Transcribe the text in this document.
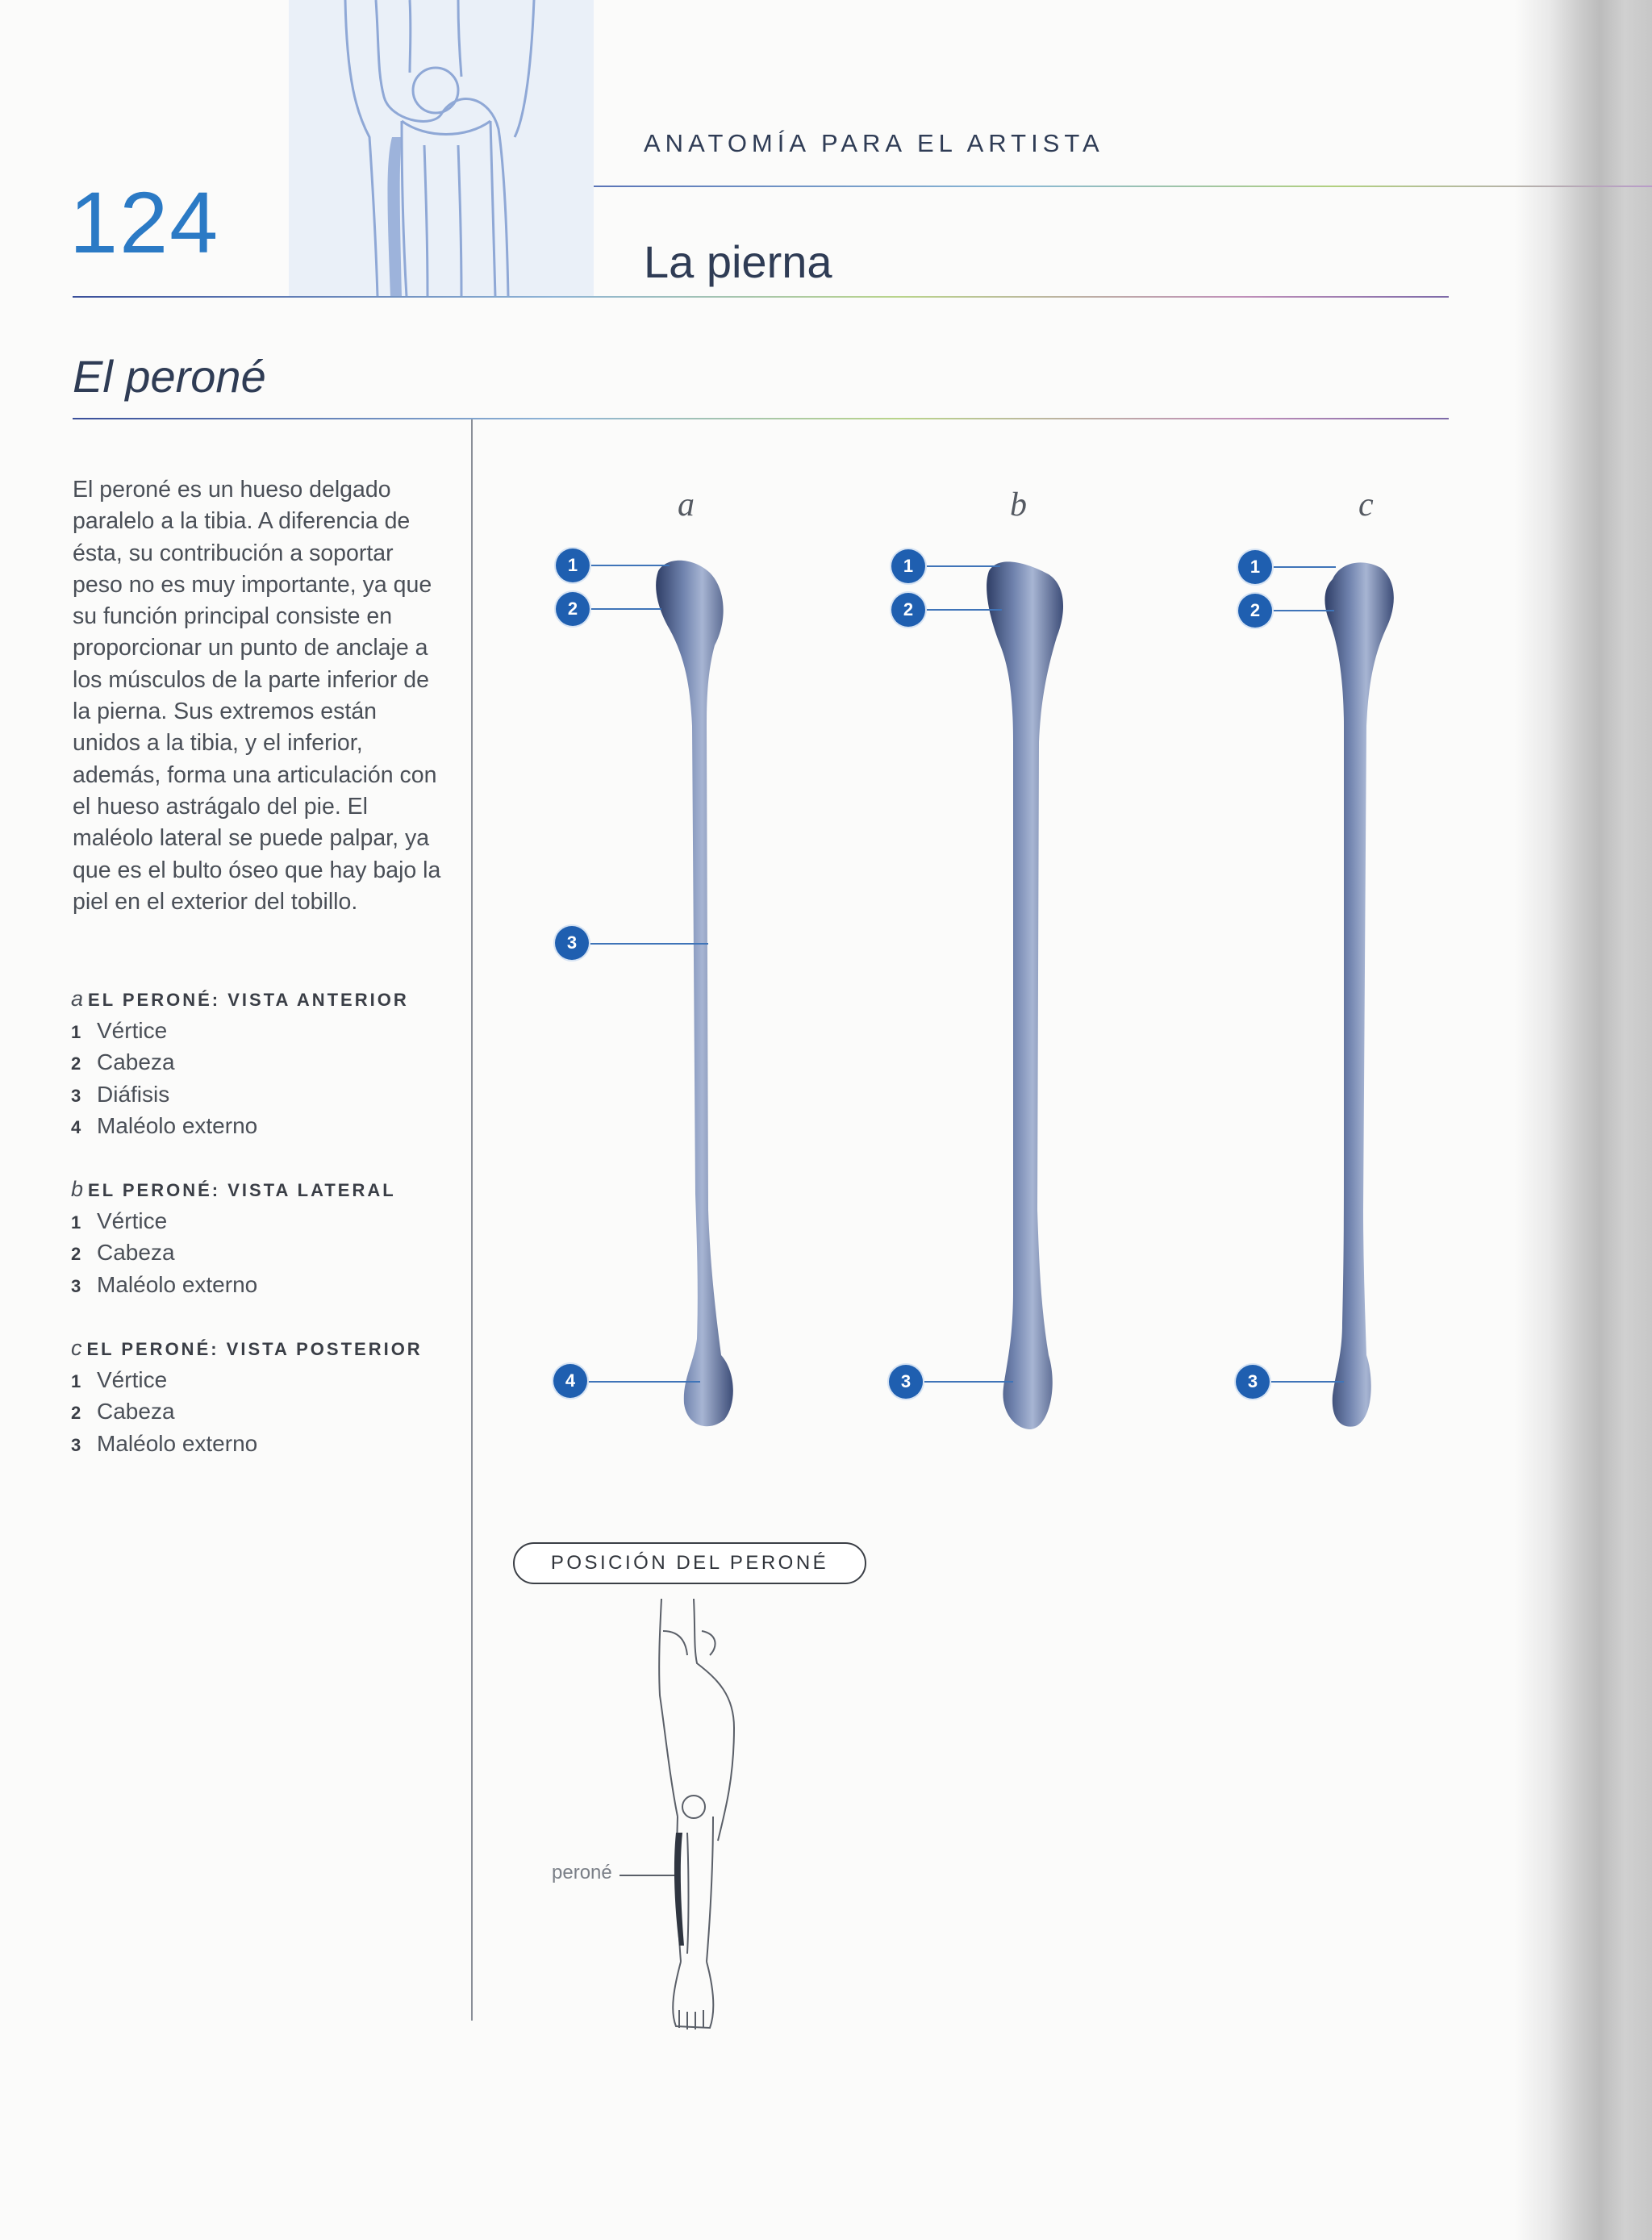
124
ANATOMÍA PARA EL ARTISTA
La pierna
El peroné
El peroné es un hueso delgado paralelo a la tibia. A diferencia de ésta, su contribución a soportar peso no es muy importante, ya que su función principal consiste en proporcionar un punto de anclaje a los músculos de la parte inferior de la pierna. Sus extremos están unidos a la tibia, y el inferior, además, forma una articulación con el hueso astrágalo del pie. El maléolo lateral se puede palpar, ya que es el bulto óseo que hay bajo la piel en el exterior del tobillo.
a EL PERONÉ: VISTA ANTERIOR
1 Vértice
2 Cabeza
3 Diáfisis
4 Maléolo externo
b EL PERONÉ: VISTA LATERAL
1 Vértice
2 Cabeza
3 Maléolo externo
c EL PERONÉ: VISTA POSTERIOR
1 Vértice
2 Cabeza
3 Maléolo externo
a	b	c
1
2
3
4
1
2
3
1
2
3
POSICIÓN DEL PERONÉ
peroné
